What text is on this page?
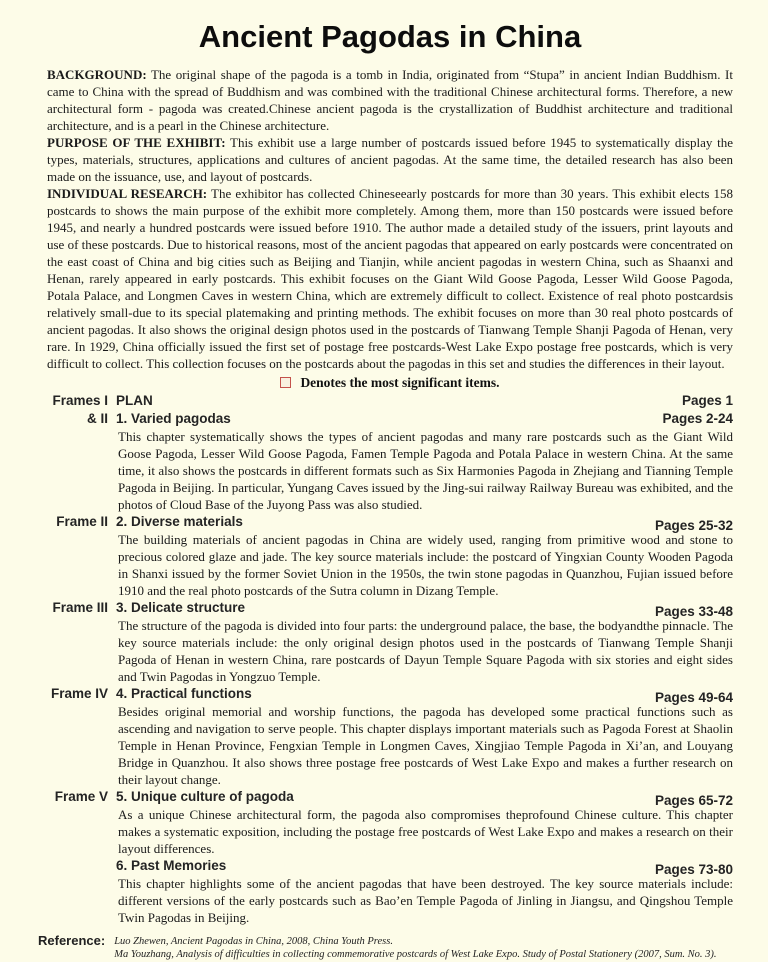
Ancient Pagodas in China

BACKGROUND: The original shape of the pagoda is a tomb in India, originated from “Stupa” in ancient Indian Buddhism. It came to China with the spread of Buddhism and was combined with the traditional Chinese architectural forms. Therefore, a new architectural form - pagoda was created.Chinese ancient pagoda is the crystallization of Buddhist architecture and traditional architecture, and is a pearl in the Chinese architecture.

PURPOSE OF THE EXHIBIT: This exhibit use a large number of postcards issued before 1945 to systematically display the types, materials, structures, applications and cultures of ancient pagodas. At the same time, the detailed research has also been made on the issuance, use, and layout of postcards.

INDIVIDUAL RESEARCH: The exhibitor has collected Chineseearly postcards for more than 30 years. This exhibit elects 158 postcards to shows the main purpose of the exhibit more completely. Among them, more than 150 postcards were issued before 1945, and nearly a hundred postcards were issued before 1910. The author made a detailed study of the issuers, print layouts and use of these postcards. Due to historical reasons, most of the ancient pagodas that appeared on early postcards were concentrated on the east coast of China and big cities such as Beijing and Tianjin, while ancient pagodas in western China, such as Shaanxi and Henan, rarely appeared in early postcards. This exhibit focuses on the Giant Wild Goose Pagoda, Lesser Wild Goose Pagoda, Potala Palace, and Longmen Caves in western China, which are extremely difficult to collect. Existence of real photo postcardsis relatively small-due to its special platemaking and printing methods. The exhibit focuses on more than 30 real photo postcards of ancient pagodas. It also shows the original design photos used in the postcards of Tianwang Temple Shanji Pagoda of Henan, very rare. In 1929, China officially issued the first set of postage free postcards-West Lake Expo postage free postcards, which is very difficult to collect. This collection focuses on the postcards about the pagodas in this set and studies the differences in their layout.

Denotes the most significant items.
Frames I PLAN	Pages 1
& II 1. Varied pagodas	Pages 2-24

This chapter systematically shows the types of ancient pagodas and many rare postcards such as the Giant Wild Goose Pagoda, Lesser Wild Goose Pagoda, Famen Temple Pagoda and Potala Palace in western China. At the same time, it also shows the postcards in different formats such as Six Harmonies Pagoda in Zhejiang and Tianning Temple Pagoda in Beijing. In particular, Yungang Caves issued by the Jing-sui railway Railway Bureau was exhibited, and the photos of Cloud Base of the Juyong Pass was also studied.

Frame II 2. Diverse materials	Pages 25-32

The building materials of ancient pagodas in China are widely used, ranging from primitive wood and stone to precious colored glaze and jade. The key source materials include: the postcard of Yingxian County Wooden Pagoda in Shanxi issued by the former Soviet Union in the 1950s, the twin stone pagodas in Quanzhou, Fujian issued before 1910 and the real photo postcards of the Sutra column in Dizang Temple.

Frame III 3. Delicate structure	Pages 33-48

The structure of the pagoda is divided into four parts: the underground palace, the base, the bodyandthe pinnacle. The key source materials include: the only original design photos used in the postcards of Tianwang Temple Shanji Pagoda of Henan in western China, rare postcards of Dayun Temple Square Pagoda with six stories and eight sides and Twin Pagodas in Yongzuo Temple.

Frame IV 4. Practical functions	Pages 49-64

Besides original memorial and worship functions, the pagoda has developed some practical functions such as ascending and navigation to serve people. This chapter displays important materials such as Pagoda Forest at Shaolin Temple in Henan Province, Fengxian Temple in Longmen Caves, Xingjiao Temple Pagoda in Xi’an, and Louyang Bridge in Quanzhou. It also shows three postage free postcards of West Lake Expo and makes a further research on their layout change.

Frame V 5. Unique culture of pagoda	Pages 65-72

As a unique Chinese architectural form, the pagoda also compromises theprofound Chinese culture. This chapter makes a systematic exposition, including the postage free postcards of West Lake Expo and makes a research on their layout differences.

6. Past Memories	Pages 73-80

This chapter highlights some of the ancient pagodas that have been destroyed. The key source materials include: different versions of the early postcards such as Bao’en Temple Pagoda of Jinling in Jiangsu, and Qingshou Temple Twin Pagodas in Beijing.

Reference: Luo Zhewen, Ancient Pagodas in China, 2008, China Youth Press.
Ma Youzhang, Analysis of difficulties in collecting commemorative postcards of West Lake Expo. Study of Postal Stationery (2007, Sum. No. 3).
